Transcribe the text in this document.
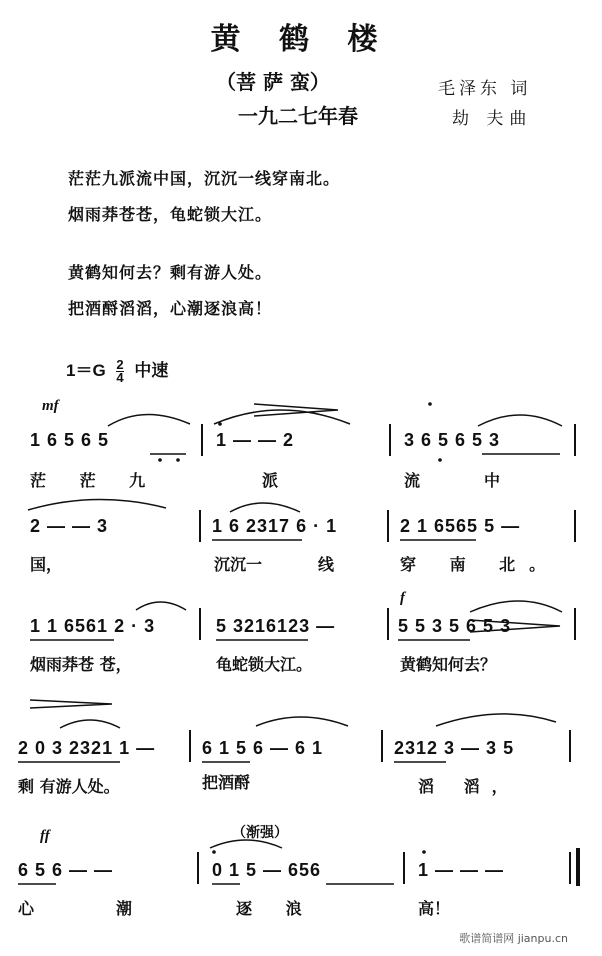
黄 鹤 楼
（菩 萨 蛮）
一九二七年春
毛泽东 词
劫 夫曲
茫茫九派流中国，沉沉一线穿南北。
烟雨莽苍苍，龟蛇锁大江。
黄鹤知何去？剩有游人处。
把酒酹滔滔，心潮逐浪高！
$1=G \frac{2}{4}$ 中速
mf
f
ff	（渐强）
1 6 5 6 5	1 — — 2	3 6 5 6 5 3
茫 茫 九	派	流	中
2 — — 3	1 6 2317 6 · 1	2 1 6565 5 —
国，	沉沉一	线	穿 南 北。
1 1 6561 2 · 3	5 3216123 —	5 5 3 5 6 5 3
烟雨莽苍 苍，	龟蛇锁大江。	黄鹤知何去？
2 0 3 2321 1 —	6 1 5 6 — 6 1	2312 3 — 3 5
剩 有游人处。	把酒酹	滔 滔，
6 5 6 — —	0 1 5 — 656	1 — — —
心	潮	逐 浪	高！
歌谱简谱网 jianpu.cn
